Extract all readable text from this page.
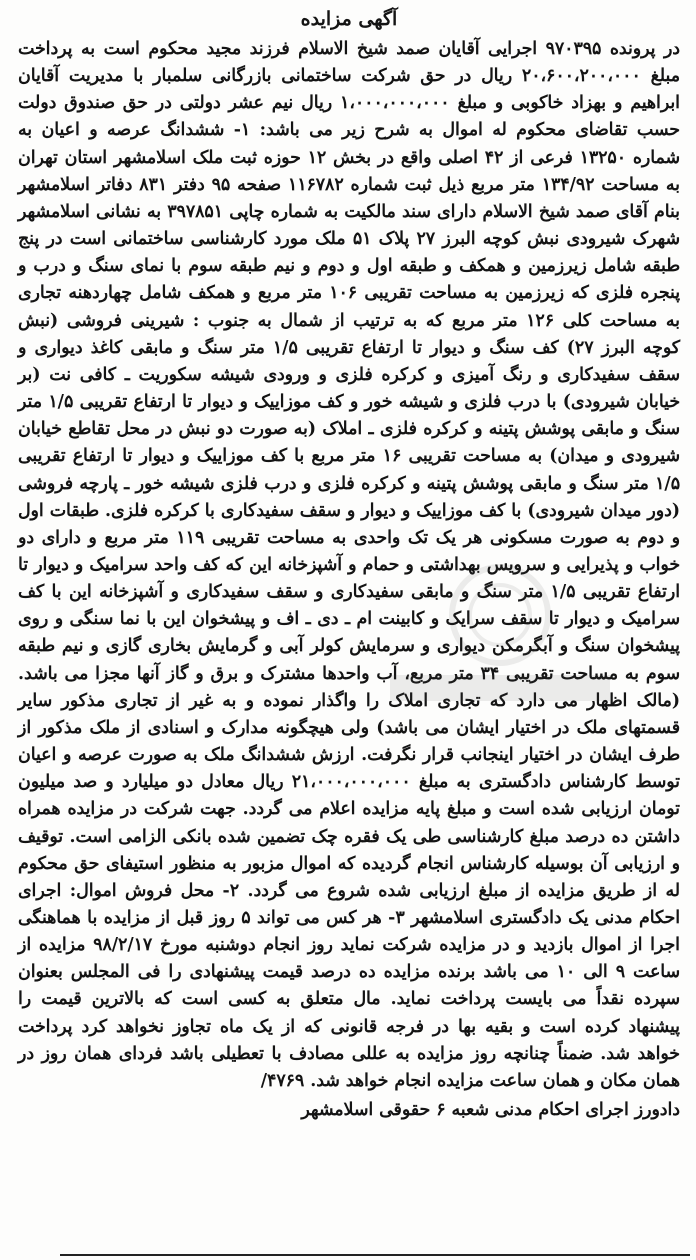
آگهی مزایده

در پرونده ۹۷۰۳۹۵ اجرایی آقایان صمد شیخ الاسلام فرزند مجید محکوم است به پرداخت مبلغ ۲۰،۶۰۰،۲۰۰،۰۰۰ ریال در حق شرکت ساختمانی بازرگانی سلمبار با مدیریت آقایان ابراهیم و بهزاد خاکوبی و مبلغ ۱،۰۰۰،۰۰۰،۰۰۰ ریال نیم عشر دولتی در حق صندوق دولت حسب تقاضای محکوم له اموال به شرح زیر می باشد: ۱- ششدانگ عرصه و اعیان به شماره ۱۳۲۵۰ فرعی از ۴۲ اصلی واقع در بخش ۱۲ حوزه ثبت ملک اسلامشهر استان تهران به مساحت ۱۳۴/۹۲ متر مربع ذیل ثبت شماره ۱۱۶۷۸۲ صفحه ۹۵ دفتر ۸۳۱ دفاتر اسلامشهر بنام آقای صمد شیخ الاسلام دارای سند مالکیت به شماره چاپی ۳۹۷۸۵۱ به نشانی اسلامشهر شهرک شیرودی نبش کوچه البرز ۲۷ پلاک ۵۱ ملک مورد کارشناسی ساختمانی است در پنج طبقه شامل زیرزمین و همکف و طبقه اول و دوم و نیم طبقه سوم با نمای سنگ و درب و پنجره فلزی که زیرزمین به مساحت تقریبی ۱۰۶ متر مربع و همکف شامل چهاردهنه تجاری به مساحت کلی ۱۲۶ متر مربع که به ترتیب از شمال به جنوب : شیرینی فروشی (نبش کوچه البرز ۲۷) کف سنگ و دیوار تا ارتفاع تقریبی ۱/۵ متر سنگ و مابقی کاغذ دیواری و سقف سفیدکاری و رنگ آمیزی و کرکره فلزی و ورودی شیشه سکوریت ـ کافی نت (بر خیابان شیرودی) با درب فلزی و شیشه خور و کف موزاییک و دیوار تا ارتفاع تقریبی ۱/۵ متر سنگ و مابقی پوشش پتینه و کرکره فلزی ـ املاک (به صورت دو نبش در محل تقاطع خیابان شیرودی و میدان) به مساحت تقریبی ۱۶ متر مربع با کف موزاییک و دیوار تا ارتفاع تقریبی ۱/۵ متر سنگ و مابقی پوشش پتینه و کرکره فلزی و درب فلزی شیشه خور ـ پارچه فروشی (دور میدان شیرودی) با کف موزاییک و دیوار و سقف سفیدکاری با کرکره فلزی. طبقات اول و دوم به صورت مسکونی هر یک تک واحدی به مساحت تقریبی ۱۱۹ متر مربع و دارای دو خواب و پذیرایی و سرویس بهداشتی و حمام و آشپزخانه این که کف واحد سرامیک و دیوار تا ارتفاع تقریبی ۱/۵ متر سنگ و مابقی سفیدکاری و سقف سفیدکاری و آشپزخانه این با کف سرامیک و دیوار تا سقف سرایک و کابینت ام ـ دی ـ اف و پیشخوان این با نما سنگی و روی پیشخوان سنگ و آبگرمکن دیواری و سرمایش کولر آبی و گرمایش بخاری گازی و نیم طبقه سوم به مساحت تقریبی ۳۴ متر مربع، آب واحدها مشترک و برق و گاز آنها مجزا می باشد. (مالک اظهار می دارد که تجاری املاک را واگذار نموده و به غیر از تجاری مذکور سایر قسمتهای ملک در اختیار ایشان می باشد) ولی هیچگونه مدارک و اسنادی از ملک مذکور از طرف ایشان در اختیار اینجانب قرار نگرفت. ارزش ششدانگ ملک به صورت عرصه و اعیان توسط کارشناس دادگستری به مبلغ ۲۱،۰۰۰،۰۰۰،۰۰۰ ریال معادل دو میلیارد و صد میلیون تومان ارزیابی شده است و مبلغ پایه مزایده اعلام می گردد. جهت شرکت در مزایده همراه داشتن ده درصد مبلغ کارشناسی طی یک فقره چک تضمین شده بانکی الزامی است. توقیف و ارزیابی آن بوسیله کارشناس انجام گردیده که اموال مزبور به منظور استیفای حق محکوم له از طریق مزایده از مبلغ ارزیابی شده شروع می گردد. ۲- محل فروش اموال: اجرای احکام مدنی یک دادگستری اسلامشهر ۳- هر کس می تواند ۵ روز قبل از مزایده با هماهنگی اجرا از اموال بازدید و در مزایده شرکت نماید روز انجام دوشنبه مورخ ۹۸/۲/۱۷ مزایده از ساعت ۹ الی ۱۰ می باشد برنده مزایده ده درصد قیمت پیشنهادی را فی المجلس بعنوان سپرده نقداً می بایست پرداخت نماید. مال متعلق به کسی است که بالاترین قیمت را پیشنهاد کرده است و بقیه بها در فرجه قانونی که از یک ماه تجاوز نخواهد کرد پرداخت خواهد شد. ضمناً چنانچه روز مزایده به عللی مصادف با تعطیلی باشد فردای همان روز در همان مکان و همان ساعت مزایده انجام خواهد شد. ۴۷۶۹/

دادورز اجرای احکام مدنی شعبه ۶ حقوقی اسلامشهر
